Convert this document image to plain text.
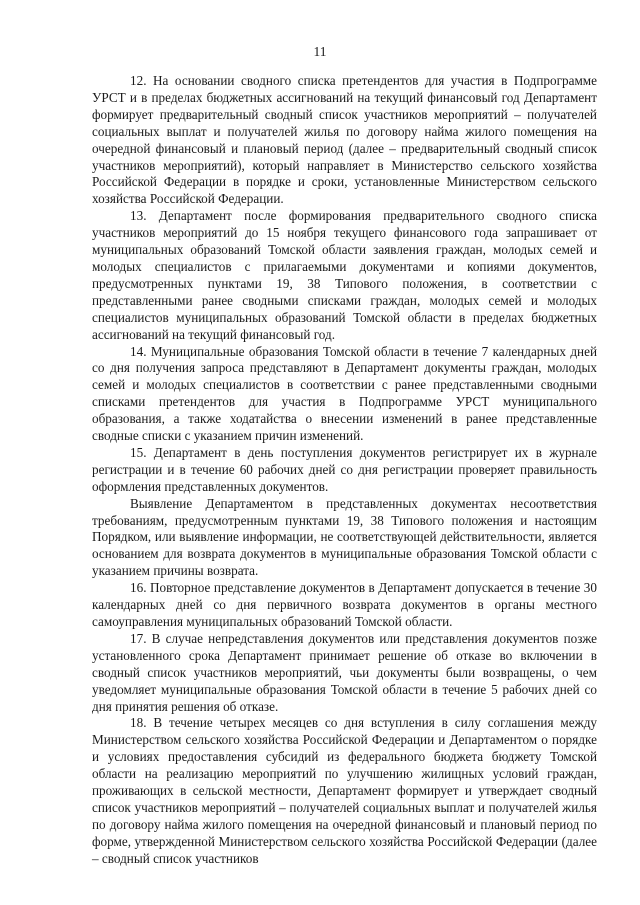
11

12. На основании сводного списка претендентов для участия в Подпрограмме УРСТ и в пределах бюджетных ассигнований на текущий финансовый год Департамент формирует предварительный сводный список участников мероприятий – получателей социальных выплат и получателей жилья по договору найма жилого помещения на очередной финансовый и плановый период (далее – предварительный сводный список участников мероприятий), который направляет в Министерство сельского хозяйства Российской Федерации в порядке и сроки, установленные Министерством сельского хозяйства Российской Федерации.

13. Департамент после формирования предварительного сводного списка участников мероприятий до 15 ноября текущего финансового года запрашивает от муниципальных образований Томской области заявления граждан, молодых семей и молодых специалистов с прилагаемыми документами и копиями документов, предусмотренных пунктами 19, 38 Типового положения, в соответствии с представленными ранее сводными списками граждан, молодых семей и молодых специалистов муниципальных образований Томской области в пределах бюджетных ассигнований на текущий финансовый год.

14. Муниципальные образования Томской области в течение 7 календарных дней со дня получения запроса представляют в Департамент документы граждан, молодых семей и молодых специалистов в соответствии с ранее представленными сводными списками претендентов для участия в Подпрограмме УРСТ муниципального образования, а также ходатайства о внесении изменений в ранее представленные сводные списки с указанием причин изменений.

15. Департамент в день поступления документов регистрирует их в журнале регистрации и в течение 60 рабочих дней со дня регистрации проверяет правильность оформления представленных документов.

Выявление Департаментом в представленных документах несоответствия требованиям, предусмотренным пунктами 19, 38 Типового положения и настоящим Порядком, или выявление информации, не соответствующей действительности, является основанием для возврата документов в муниципальные образования Томской области с указанием причины возврата.

16. Повторное представление документов в Департамент допускается в течение 30 календарных дней со дня первичного возврата документов в органы местного самоуправления муниципальных образований Томской области.

17. В случае непредставления документов или представления документов позже установленного срока Департамент принимает решение об отказе во включении в сводный список участников мероприятий, чьи документы были возвращены, о чем уведомляет муниципальные образования Томской области в течение 5 рабочих дней со дня принятия решения об отказе.

18. В течение четырех месяцев со дня вступления в силу соглашения между Министерством сельского хозяйства Российской Федерации и Департаментом о порядке и условиях предоставления субсидий из федерального бюджета бюджету Томской области на реализацию мероприятий по улучшению жилищных условий граждан, проживающих в сельской местности, Департамент формирует и утверждает сводный список участников мероприятий – получателей социальных выплат и получателей жилья по договору найма жилого помещения на очередной финансовый и плановый период по форме, утвержденной Министерством сельского хозяйства Российской Федерации (далее – сводный список участников
